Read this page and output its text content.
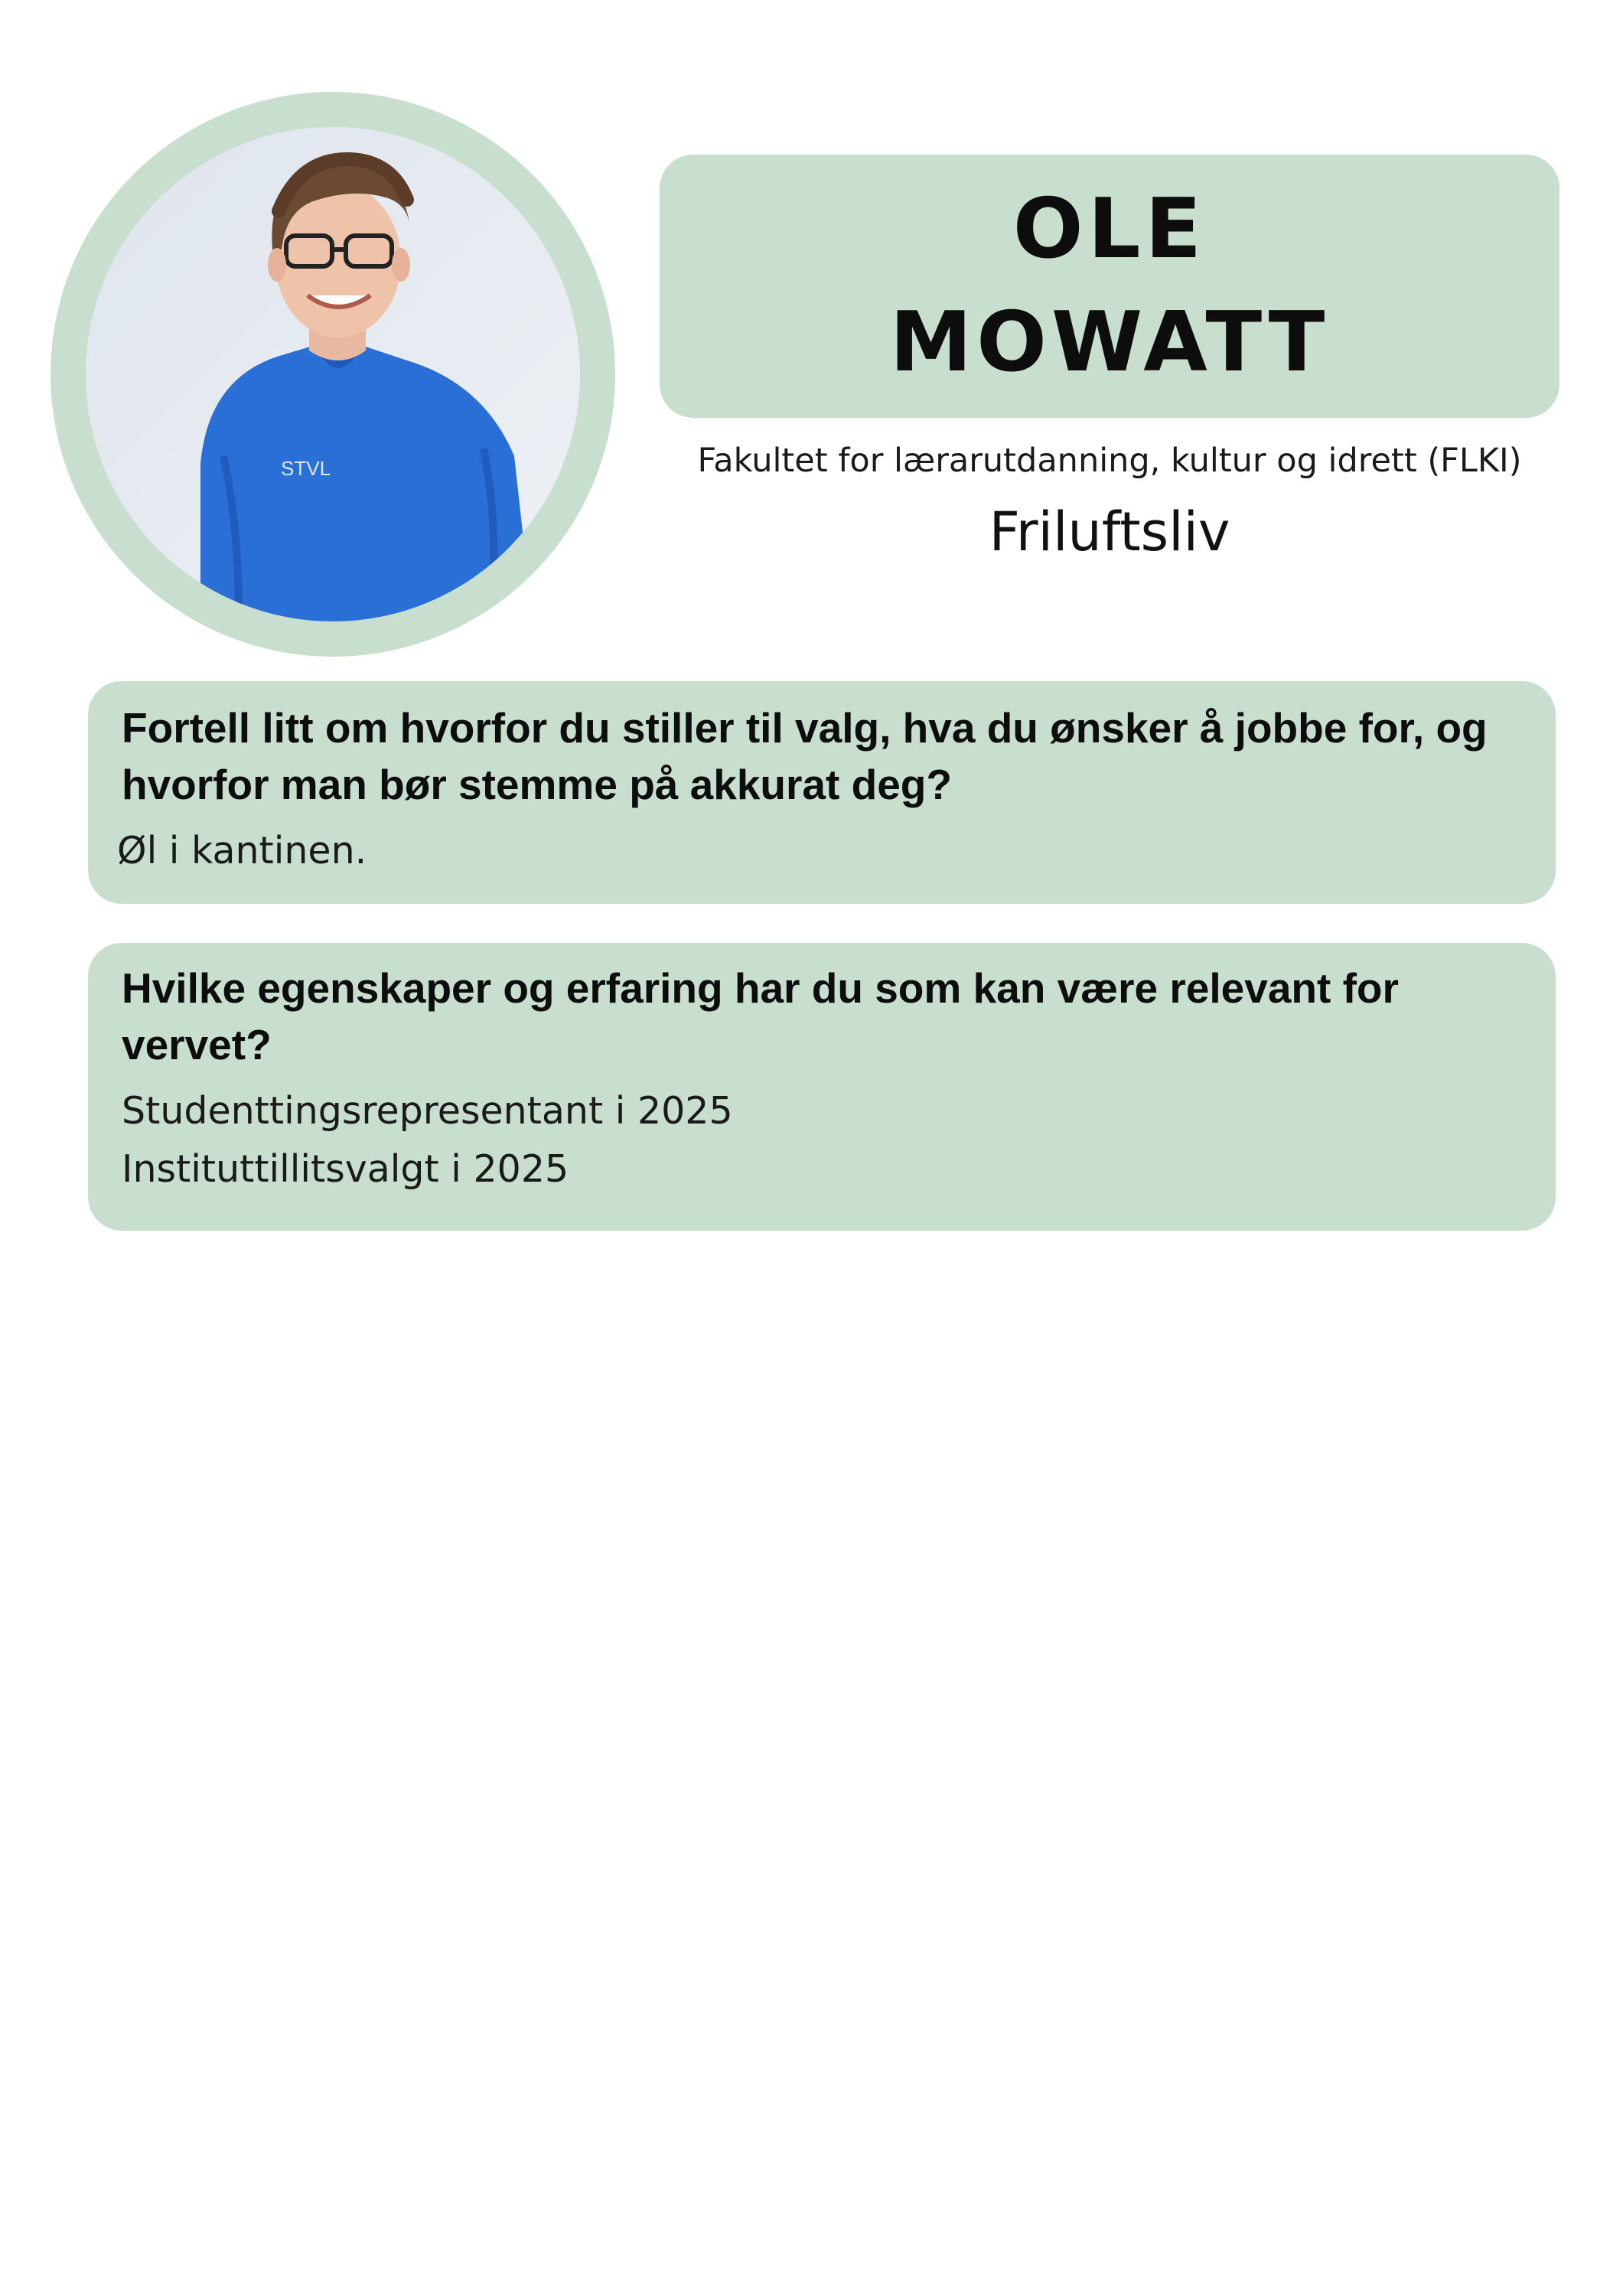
STVL
OLE
MOWATT
Fakultet for lærarutdanning, kultur og idrett (FLKI)
Friluftsliv

Fortell litt om hvorfor du stiller til valg, hva du ønsker å jobbe for, og hvorfor man bør stemme på akkurat deg?

Øl i kantinen.

Hvilke egenskaper og erfaring har du som kan være relevant for vervet?

Studenttingsrepresentant i 2025
Instituttillitsvalgt i 2025
